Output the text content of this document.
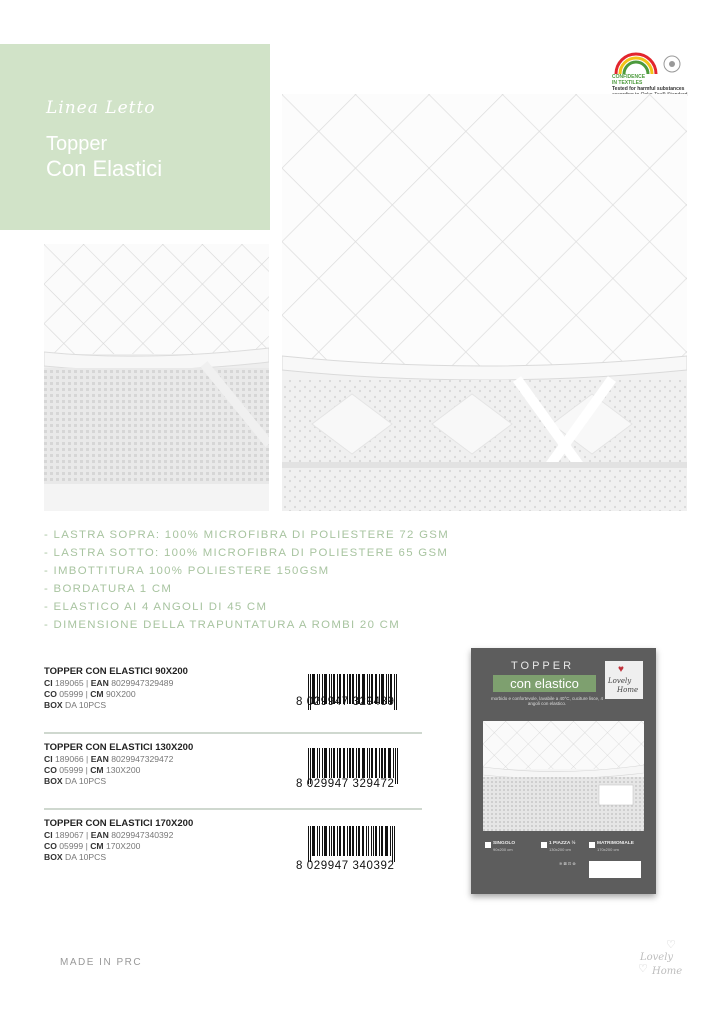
Linea Letto
Topper
Con Elastici
CONFIDENCE
IN TEXTILES
Tested for harmful substances
- LASTRA SOPRA: 100% MICROFIBRA DI POLIESTERE 72 GSM
- LASTRA SOTTO: 100% MICROFIBRA DI POLIESTERE 65 GSM
- IMBOTTITURA 100% POLIESTERE 150GSM
- BORDATURA 1 CM
- ELASTICO AI 4 ANGOLI DI 45 CM
- DIMENSIONE DELLA TRAPUNTATURA A ROMBI 20 CM
TOPPER CON ELASTICI 90X200
CI 189065 | EAN 8029947329489
CO 05999 | CM 90X200
BOX DA 10PCS	8 029947 329489
TOPPER CON ELASTICI 130X200
CI 189066 | EAN 8029947329472
CO 05999 | CM 130X200
BOX DA 10PCS	8 029947 329472
TOPPER CON ELASTICI 170X200
CI 189067 | EAN 8029947340392
CO 05999 | CM 170X200
BOX DA 10PCS
8 029947 340392
TOPPER
con elastico
morbido e confortevole, lavabile a 40°C, cuciture lisce, 4 angoli con elastico.
♥
Lovely
Home
SINGOLO
90x200 cm
1 PIAZZA ½
130x200 cm
MATRIMONIALE
170x200 cm
≋ ⊠ ⊡ ⊗
MADE IN PRC
♡
Lovely
♡ Home
